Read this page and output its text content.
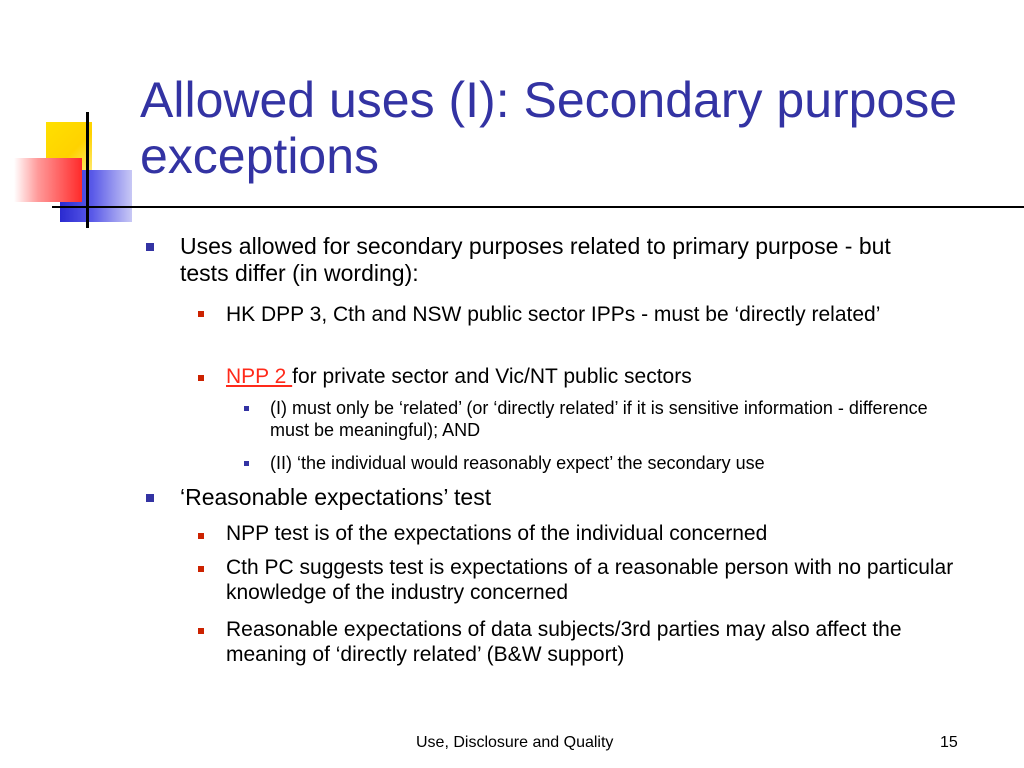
Allowed uses (I): Secondary purpose exceptions
Uses allowed for secondary purposes related to primary purpose - but tests differ (in wording):
HK DPP 3, Cth and NSW public sector IPPs - must be ‘directly related’
NPP 2 for private sector and Vic/NT public sectors
(I) must only be ‘related’ (or ‘directly related’ if it is sensitive information - difference must be meaningful); AND
(II) ‘the individual would reasonably expect’ the secondary use
‘Reasonable expectations’ test
NPP test is of the expectations of the individual concerned
Cth PC suggests test is expectations of a reasonable person with no particular knowledge of the industry concerned
Reasonable expectations of data subjects/3rd parties may also affect the meaning of ‘directly related’ (B&W support)
Use, Disclosure and Quality	15
